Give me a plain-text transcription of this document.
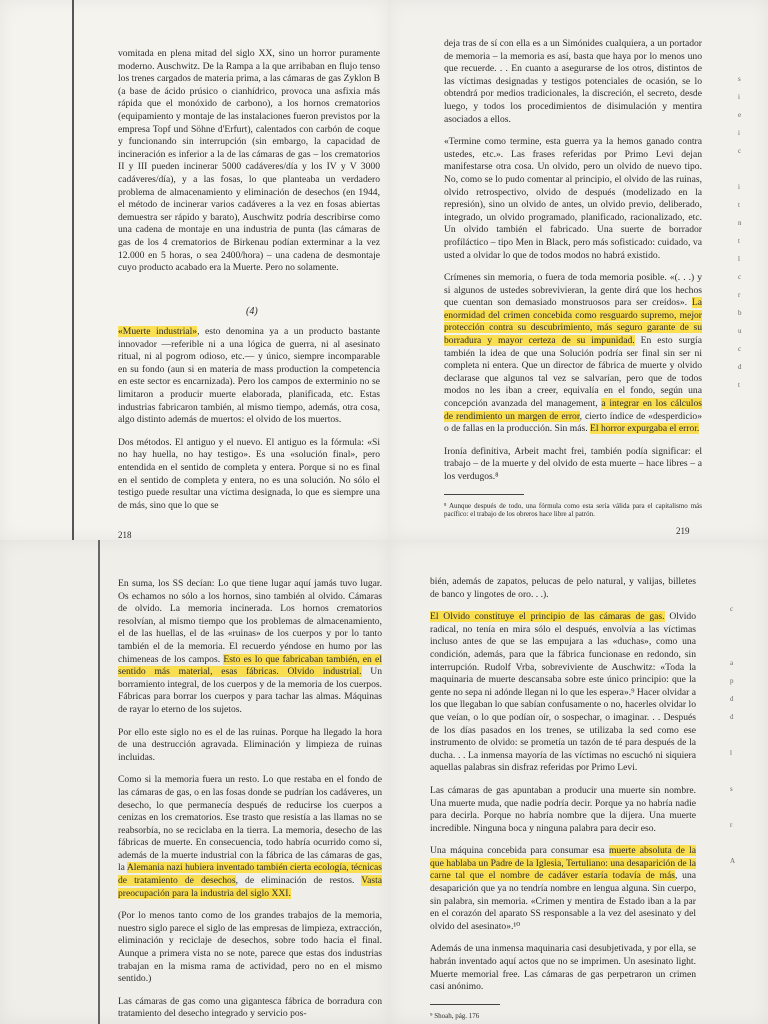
vomitada en plena mitad del siglo XX, sino un horror puramente moderno. Auschwitz. De la Rampa a la que arribaban en flujo tenso los trenes cargados de materia prima, a las cámaras de gas Zyklon B (a base de ácido prúsico o cianhídrico, provoca una asfixia más rápida que el monóxido de carbono), a los hornos crematorios (equipamiento y montaje de las instalaciones fueron previstos por la empresa Topf und Söhne d'Erfurt), calentados con carbón de coque y funcionando sin interrupción (sin embargo, la capacidad de incineración es inferior a la de las cámaras de gas – los crematorios II y III pueden incinerar 5000 cadáveres/día y los IV y V 3000 cadáveres/día), y a las fosas, lo que planteaba un verdadero problema de almacenamiento y eliminación de desechos (en 1944, el método de incinerar varios cadáveres a la vez en fosas abiertas demuestra ser rápido y barato), Auschwitz podría describirse como una cadena de montaje en una industria de punta (las cámaras de gas de los 4 crematorios de Birkenau podían exterminar a la vez 12.000 en 5 horas, o sea 2400/hora) – una cadena de desmontaje cuyo producto acabado era la Muerte. Pero no solamente.

(4)

«Muerte industrial», esto denomina ya a un producto bastante innovador —referible ni a una lógica de guerra, ni al asesinato ritual, ni al pogrom odioso, etc.— y único, siempre incomparable en su fondo (aun si en materia de mass production la competencia en este sector es encarnizada). Pero los campos de exterminio no se limitaron a producir muerte elaborada, planificada, etc. Estas industrias fabricaron también, al mismo tiempo, además, otra cosa, algo distinto además de muertos: el olvido de los muertos.

Dos métodos. El antiguo y el nuevo. El antiguo es la fórmula: «Si no hay huella, no hay testigo». Es una «solución final», pero entendida en el sentido de completa y entera. Porque si no es final en el sentido de completa y entera, no es una solución. No sólo el testigo puede resultar una víctima designada, lo que es siempre una de más, sino que lo que se

218

deja tras de sí con ella es a un Simónides cualquiera, a un portador de memoria – la memoria es así, basta que haya por lo menos uno que recuerde. . . En cuanto a asegurarse de los otros, distintos de las víctimas designadas y testigos potenciales de ocasión, se lo obtendrá por medios tradicionales, la discreción, el secreto, desde luego, y todos los procedimientos de disimulación y mentira asociados a ellos.

«Termine como termine, esta guerra ya la hemos ganado contra ustedes, etc.». Las frases referidas por Primo Levi dejan manifestarse otra cosa. Un olvido, pero un olvido de nuevo tipo. No, como se lo pudo comentar al principio, el olvido de las ruinas, olvido retrospectivo, olvido de después (modelizado en la represión), sino un olvido de antes, un olvido previo, deliberado, integrado, un olvido programado, planificado, racionalizado, etc. Un olvido también el fabricado. Una suerte de borrador profiláctico – tipo Men in Black, pero más sofisticado: cuidado, va usted a olvidar lo que de todos modos no habrá existido.

Crímenes sin memoria, o fuera de toda memoria posible. «(. . .) y si algunos de ustedes sobrevivieran, la gente dirá que los hechos que cuentan son demasiado monstruosos para ser creídos». La enormidad del crimen concebida como resguardo supremo, mejor protección contra su descubrimiento, más seguro garante de su borradura y mayor certeza de su impunidad. En esto surgía también la idea de que una Solución podría ser final sin ser ni completa ni entera. Que un director de fábrica de muerte y olvido declarase que algunos tal vez se salvarían, pero que de todos modos no les iban a creer, equivalía en el fondo, según una concepción avanzada del management, a integrar en los cálculos de rendimiento un margen de error, cierto índice de «desperdicio» o de fallas en la producción. Sin más. El horror expurgaba el error.

Ironía definitiva, Arbeit macht frei, también podía significar: el trabajo – de la muerte y del olvido de esta muerte – hace libres – a los verdugos.⁸

⁸ Aunque después de todo, una fórmula como esta sería válida para el capitalismo más pacífico: el trabajo de los obreros hace libre al patrón.

219
s
i
e
i
c

i
t
n
t
l
c
r
b
u
c
d
t

En suma, los SS decían: Lo que tiene lugar aquí jamás tuvo lugar. Os echamos no sólo a los hornos, sino también al olvido. Cámaras de olvido. La memoria incinerada. Los hornos crematorios resolvían, al mismo tiempo que los problemas de almacenamiento, el de las huellas, el de las «ruinas» de los cuerpos y por lo tanto también el de la memoria. El recuerdo yéndose en humo por las chimeneas de los campos. Esto es lo que fabricaban también, en el sentido más material, esas fábricas. Olvido industrial. Un borramiento integral, de los cuerpos y de la memoria de los cuerpos. Fábricas para borrar los cuerpos y para tachar las almas. Máquinas de rayar lo eterno de los sujetos.

Por ello este siglo no es el de las ruinas. Porque ha llegado la hora de una destrucción agravada. Eliminación y limpieza de ruinas incluidas.

Como si la memoria fuera un resto. Lo que restaba en el fondo de las cámaras de gas, o en las fosas donde se pudrían los cadáveres, un desecho, lo que permanecía después de reducirse los cuerpos a cenizas en los crematorios. Ese trasto que resistía a las llamas no se reabsorbía, no se reciclaba en la tierra. La memoria, desecho de las fábricas de muerte. En consecuencia, todo habría ocurrido como si, además de la muerte industrial con la fábrica de las cámaras de gas, la Alemania nazi hubiera inventado también cierta ecología, técnicas de tratamiento de desechos, de eliminación de restos. Vasta preocupación para la industria del siglo XXI.

(Por lo menos tanto como de los grandes trabajos de la memoria, nuestro siglo parece el siglo de las empresas de limpieza, extracción, eliminación y reciclaje de desechos, sobre todo hacia el final. Aunque a primera vista no se note, parece que estas dos industrias trabajan en la misma rama de actividad, pero no en el mismo sentido.)

Las cámaras de gas como una gigantesca fábrica de borradura con tratamiento del desecho integrado y servicio pos-

bién, además de zapatos, pelucas de pelo natural, y valijas, billetes de banco y lingotes de oro. . .).

El Olvido constituye el principio de las cámaras de gas. Olvido radical, no tenía en mira sólo el después, envolvía a las víctimas incluso antes de que se las empujara a las «duchas», como una condición, además, para que la fábrica funcionase en redondo, sin interrupción. Rudolf Vrba, sobreviviente de Auschwitz: «Toda la maquinaria de muerte descansaba sobre este único principio: que la gente no sepa ni adónde llegan ni lo que les espera».⁹ Hacer olvidar a los que llegaban lo que sabían confusamente o no, hacerles olvidar lo que veían, o lo que podían oír, o sospechar, o imaginar. . . Después de los días pasados en los trenes, se utilizaba la sed como ese instrumento de olvido: se prometía un tazón de té para después de la ducha. . . La inmensa mayoría de las víctimas no escuchó ni siquiera aquellas palabras sin disfraz referidas por Primo Levi.

Las cámaras de gas apuntaban a producir una muerte sin nombre. Una muerte muda, que nadie podría decir. Porque ya no habría nadie para decirla. Porque no habría nombre que la dijera. Una muerte incredible. Ninguna boca y ninguna palabra para decir eso.

Una máquina concebida para consumar esa muerte absoluta de la que hablaba un Padre de la Iglesia, Tertuliano: una desaparición de la carne tal que el nombre de cadáver estaría todavía de más, una desaparición que ya no tendría nombre en lengua alguna. Sin cuerpo, sin palabra, sin memoria. «Crimen y mentira de Estado iban a la par en el corazón del aparato SS responsable a la vez del asesinato y del olvido del asesinato».¹⁰

Además de una inmensa maquinaria casi desubjetivada, y por ella, se habrán inventado aquí actos que no se imprimen. Un asesinato light. Muerte memorial free. Las cámaras de gas perpetraron un crimen casi anónimo.

⁹ Shoah, pág. 176

c

a
p
d
d

l

s

r

A
